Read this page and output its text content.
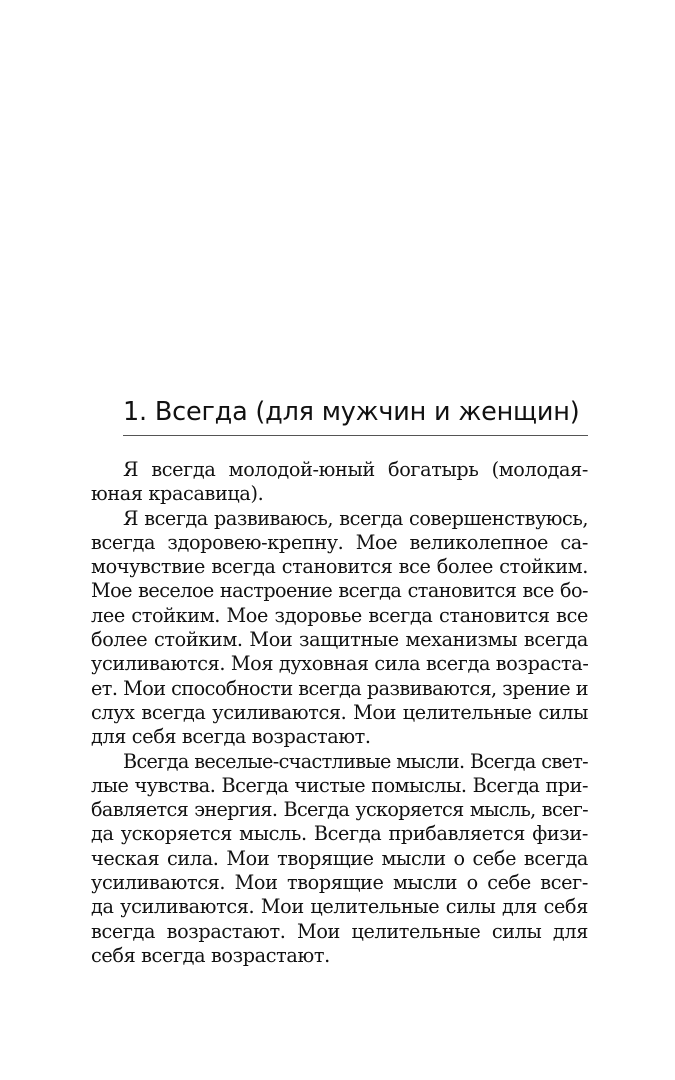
1. Всегда (для мужчин и женщин)
Я всегда молодой-юный богатырь (молодая-
юная красавица).
Я всегда развиваюсь, всегда совершенствуюсь,
всегда здоровею-крепну. Мое великолепное са-
мочувствие всегда становится все более стойким.
Мое веселое настроение всегда становится все бо-
лее стойким. Мое здоровье всегда становится все
более стойким. Мои защитные механизмы всегда
усиливаются. Моя духовная сила всегда возраста-
ет. Мои способности всегда развиваются, зрение и
слух всегда усиливаются. Мои целительные силы
для себя всегда возрастают.
Всегда веселые-счастливые мысли. Всегда свет-
лые чувства. Всегда чистые помыслы. Всегда при-
бавляется энергия. Всегда ускоряется мысль, всег-
да ускоряется мысль. Всегда прибавляется физи-
ческая сила. Мои творящие мысли о себе всегда
усиливаются. Мои творящие мысли о себе всег-
да усиливаются. Мои целительные силы для себя
всегда возрастают. Мои целительные силы для
себя всегда возрастают.
